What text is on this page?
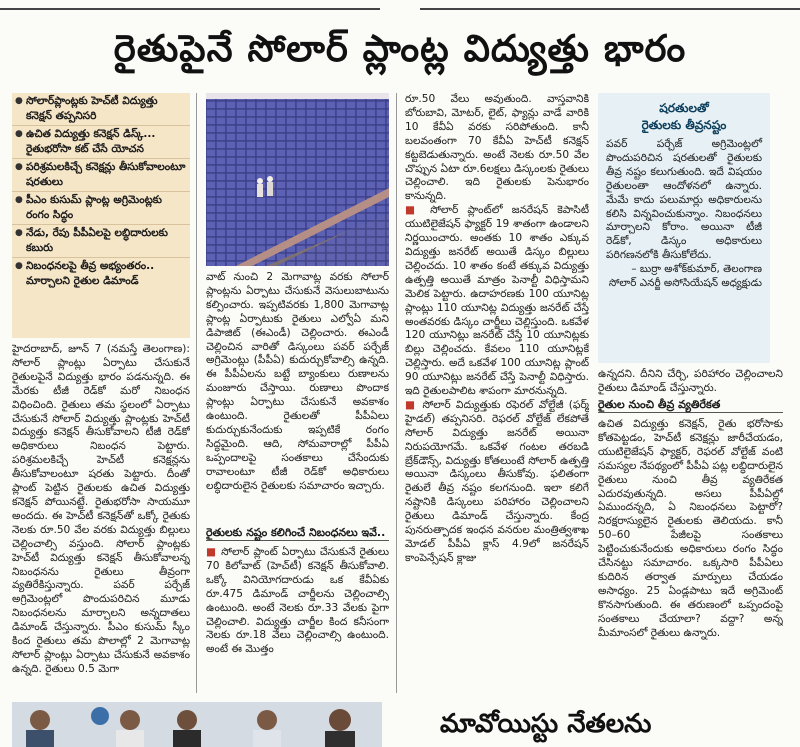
రైతుపైనే సోలార్ ప్లాంట్ల విద్యుత్తు భారం
● సోలార్‌ప్లాంట్లకు హెచ్‌టీ విద్యుత్తు కనెక్షన్ తప్పనిసరి
● ఉచిత విద్యుత్తు కనెక్షన్ డిస్క్... రైతుభరోసా కట్ చేసే యోచన
● పరిశ్రమలకిచ్చే కనెక్షన్లు తీసుకోవాలంటూ షరతులు
● పీఎం కుసుమ్ ప్లాంట్ల అగ్రిమెంట్లకు రంగం సిద్ధం
● నేడు, రేపు పీపీఏలపై లబ్ధిదారులకు కబురు
● నిబంధనలపై తీవ్ర అభ్యంతరం.. మార్చాలని రైతుల డిమాండ్

హైదరాబాద్, జూన్ 7 (నమస్తే తెలంగాణ): సోలార్ ప్లాంట్లు ఏర్పాటు చేసుకునే రైతులపైనే విద్యుత్తు భారం పడనున్నది. ఈ మేరకు టీజీ రెడ్‌కో మరో నిబంధన విధించింది. రైతులు తమ స్థలంలో ఏర్పాటు చేసుకునే సోలార్ విద్యుత్తు ప్లాంట్లకు హెచ్‌టీ విద్యుత్తు కనెక్షన్ తీసుకోవాలని టీజీ రెడ్‌కో అధికారులు నిబంధన పెట్టారు. పరిశ్రమలకిచ్చే హెచ్‌టీ కనెక్షన్లను తీసుకోవాలంటూ షరతు పెట్టారు. దీంతో ప్లాంట్ పెట్టిన రైతులకు ఉచిత విద్యుత్తు కనెక్షన్ పోయినట్టే. రైతుభరోసా సాయమూ అందదు. ఈ హెచ్‌టీ కనెక్షన్‌తో ఒక్కో రైతుకు నెలకు రూ.50 వేల వరకు విద్యుత్తు బిల్లులు చెల్లించాల్సి వస్తుంది. సోలార్ ప్లాంట్లకు హెచ్‌టీ విద్యుత్తు కనెక్షన్ తీసుకోవాలన్న నిబంధనను రైతులు తీవ్రంగా వ్యతిరేకిస్తున్నారు. పవర్ పర్చేజ్ అగ్రిమెంట్లలో పొందుపరిచిన మూడు నిబంధనలను మార్చాలని అన్నదాతలు డిమాండ్ చేస్తున్నారు. పీఎం కుసుమ్ స్కీం కింద రైతులు తమ పొలాల్లో 2 మెగావాట్ల సోలార్ ప్లాంట్లు ఏర్పాటు చేసుకునే అవకాశం ఉన్నది. రైతులు 0.5 మెగా

వాట్ నుంచి 2 మెగావాట్ల వరకు సోలార్ ప్లాంట్లను ఏర్పాటు చేసుకునే వెసులుబాటును కల్పించారు. ఇప్పటివరకు 1,800 మెగావాట్ల ప్లాంట్ల ఏర్పాటుకు రైతులు ఎల్వోఏ మని డిపాజిట్ (ఈఎండీ) చెల్లించారు. ఈఎండీ చెల్లించిన వారితో డిస్కంలు పవర్ పర్చేజ్ అగ్రిమెంట్లు (పీపీఏ) కుదుర్చుకోవాల్సి ఉన్నది. ఈ పీపీఏలను బట్టే బ్యాంకులు రుణాలను మంజూరు చేస్తాయి. రుణాలు పొందాక ప్లాంట్లు ఏర్పాటు చేసుకునే అవకాశం ఉంటుంది. రైతులతో పీపీఏలు కుదుర్చుకునేందుకు ఇప్పటికే రంగం సిద్ధమైంది. ఆది, సోమవారాల్లో పీపీఏ ఒప్పందాలపై సంతకాలు చేసేందుకు రావాలంటూ టీజీ రెడ్‌కో అధికారులు లబ్ధిదారులైన రైతులకు సమాచారం ఇచ్చారు.

రైతులకు నష్టం కలిగించే నిబంధనలు ఇవే..

■ సోలార్ ప్లాంట్ ఏర్పాటు చేసుకునే రైతులు 70 కిలోవాట్ (హెచ్‌టీ) కనెక్షన్ తీసుకోవాలి. ఒక్కో వినియోగదారుడు ఒక కేవీఏకు రూ.475 డిమాండ్ చార్జీలను చెల్లించాల్సి ఉంటుంది. అంటే నెలకు రూ.33 వేలకు పైగా చెల్లించాలి. విద్యుత్తు చార్జీల కింద కనీసంగా నెలకు రూ.18 వేలు చెల్లించాల్సి ఉంటుంది. అంటే ఈ మొత్తం

రూ.50 వేలు అవుతుంది. వాస్తవానికి బోరుబావి, మోటర్, లైట్, ఫ్యాన్లు వాడే వారికి 10 కేవీఏ వరకు సరిపోతుంది. కానీ బలవంతంగా 70 కేవీఏ హెచ్‌టీ కనెక్షన్ కట్టబెడుతున్నారు. అంటే నెలకు రూ.50 వేల చొప్పున ఏటా రూ.6లక్షలు డిస్కంలకు రైతులు చెల్లించాలి. ఇది రైతులకు పెనుభారం కానున్నది.

■ సోలార్ ప్లాంట్‌లో జనరేషన్ కెపాసిటీ యుటిలైజేషన్ ఫ్యాక్టర్ 19 శాతంగా ఉండాలని నిర్ణయించారు. అంతకు 10 శాతం ఎక్కువ విద్యుత్తు జనరేట్ అయితే డిస్కం బిల్లులు చెల్లించదు. 10 శాతం కంటే తక్కువ విద్యుత్తు ఉత్పత్తి అయితే మాత్రం పెనాల్టీ విధిస్తామని మెలిక పెట్టారు. ఉదాహరణకు 100 యూనిట్ల ప్లాంట్లు 110 యూనిట్ల విద్యుత్తు జనరేట్ చేస్తే అంతవరకు డిస్కం చార్జీలు చెల్లిస్తుంది. ఒకవేళ 120 యూనిట్లు జనరేట్ చేస్తే 10 యూనిట్లకు బిల్లు చెల్లించదు. కేవలం 110 యూనిట్లకే చెల్లిస్తారు. అదే ఒకవేళ 100 యూనిట్ల ప్లాంట్ 90 యూనిట్లు జనరేట్ చేస్తే పెనాల్టీ విధిస్తారు. ఇది రైతులపాలిట శాపంగా మారనున్నది.

■ సోలార్ విద్యుత్తుకు రఫెరల్ వోల్టేజీ (ఫర్మ్ హైడల్) తప్పనిసరి. రెఫరల్ వోల్టేజ్ లేకపోతే సోలార్ విద్యుత్తు జనరేట్ అయినా నిరుపయోగమే. ఒకవేళ గంటల తరబడి బ్రేక్‌డౌన్స్, విద్యుత్తు కోతలుంటే సోలార్ ఉత్పత్తి అయినా డిస్కంలు తీసుకోవు. ఫలితంగా రైతులే తీవ్ర నష్టం కలగనుంది. ఇలా కలిగే నష్టానికి డిస్కంలు పరిహారం చెల్లించాలని రైతులు డిమాండ్ చేస్తున్నారు. కేంద్ర పునరుత్పాదక ఇంధన వనరుల మంత్రిత్వశాఖ మోడల్ పీపీఏ క్లాస్ 4.9లో జనరేషన్ కాంపెన్సేషన్ క్లాజు

షరతులతో
రైతులకు తీవ్రనష్టం
పవర్ పర్చేజ్ అగ్రిమెంట్లలో పొందుపరిచిన షరతులతో రైతులకు తీవ్ర నష్టం కలుగుతుంది. ఇదే విషయం రైతులంతా ఆందోళనలో ఉన్నారు. మేమే కాదు పలుమార్లు అధికారులను కలిసి విన్నవించుకున్నాం. నిబంధనలు మార్చాలని కోరాం. అయినా టీజీ రెడ్‌కో, డిస్కం అధికారులు పరిగణనలోకి తీసుకోలేదు.
– బుర్రా అశోక్‌కుమార్, తెలంగాణ సోలార్ ఎనర్జీ అసోసియేషన్ అధ్యక్షుడు

ఉన్నదని. దీనిని చేర్చి, పరిహారం చెల్లించాలని రైతులు డిమాండ్ చేస్తున్నారు.

రైతుల నుంచి తీవ్ర వ్యతిరేకత

ఉచిత విద్యుత్తు కనెక్షన్, రైతు భరోసాకు కోతపెట్టడం, హెచ్‌టీ కనెక్షన్లు జారీచేయడం, యుటిలైజేషన్ ఫ్యాక్టర్, రెఫరల్ వోల్టేజ్ వంటి సమస్యల నేపథ్యంలో పీపీఏ పట్ల లబ్ధిదారులైన రైతులు నుంచి తీవ్ర వ్యతిరేకత ఎదురవుతున్నది. అసలు పీపీఏల్లో ఏముందన్నది, ఏ నిబంధనలు పెట్టారో? నిరక్షరాస్యులైన రైతులకు తెలియదు. కానీ 50–60 పేజీలపై సంతకాలు పెట్టించుకునేందుకు అధికారులు రంగం సిద్ధం చేసినట్టు సమాచారం. ఒక్కసారి పీపీఏలు కుదిరిన తర్వాత మార్పులు చేయడం అసాధ్యం. 25 ఏండ్లపాటు ఇదే అగ్రిమెంట్ కొనసాగుతుంది. ఈ తరుణంలో ఒప్పందంపై సంతకాలు చేయాలా? వద్దా? అన్న మీమాంసలో రైతులు ఉన్నారు.

మావోయిస్టు నేతలను
